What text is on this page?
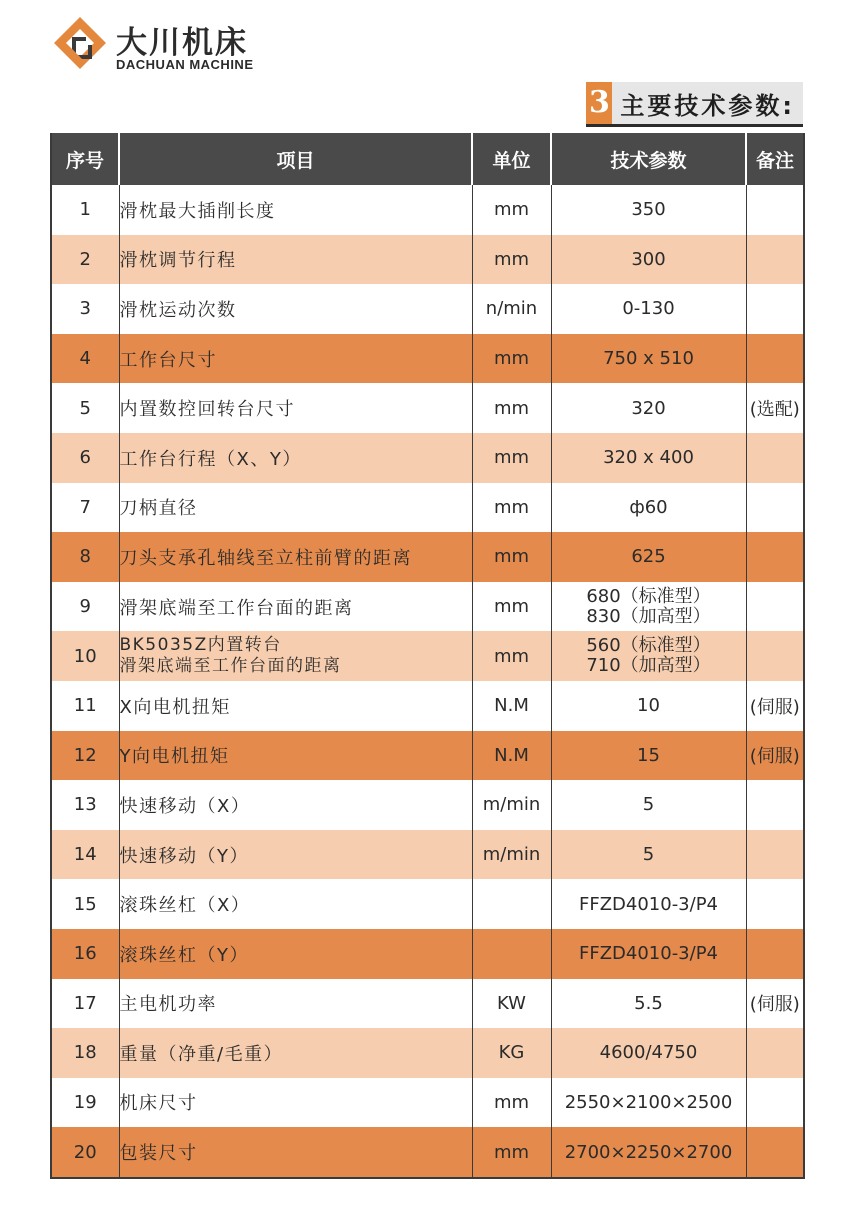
大川机床
DACHUAN MACHINE
3 主要技术参数:
序号	项目	单位	技术参数	备注
1	滑枕最大插削长度	mm	350	

2	滑枕调节行程	mm	300	

3	滑枕运动次数	n/min	0-130	

4	工作台尺寸	mm	750 x 510	

5	内置数控回转台尺寸	mm	320	(选配)
6	工作台行程（X、Y）	mm	320 x 400	

7	刀柄直径	mm	ф60	

8	刀头支承孔轴线至立柱前臂的距离	mm	625	

9	滑架底端至工作台面的距离	mm	680（标准型）
830（加高型）	

10	BK5035Z内置转台
滑架底端至工作台面的距离	mm	560（标准型）
710（加高型）	

11	X向电机扭矩	N.M	10	(伺服)
12	Y向电机扭矩	N.M	15	(伺服)
13	快速移动（X）	m/min	5	

14	快速移动（Y）	m/min	5	

15	滚珠丝杠（X）		FFZD4010-3/P4	

16	滚珠丝杠（Y）		FFZD4010-3/P4	

17	主电机功率	KW	5.5	(伺服)
18	重量（净重/毛重）	KG	4600/4750	

19	机床尺寸	mm	2550×2100×2500	

20	包装尺寸	mm	2700×2250×2700	
